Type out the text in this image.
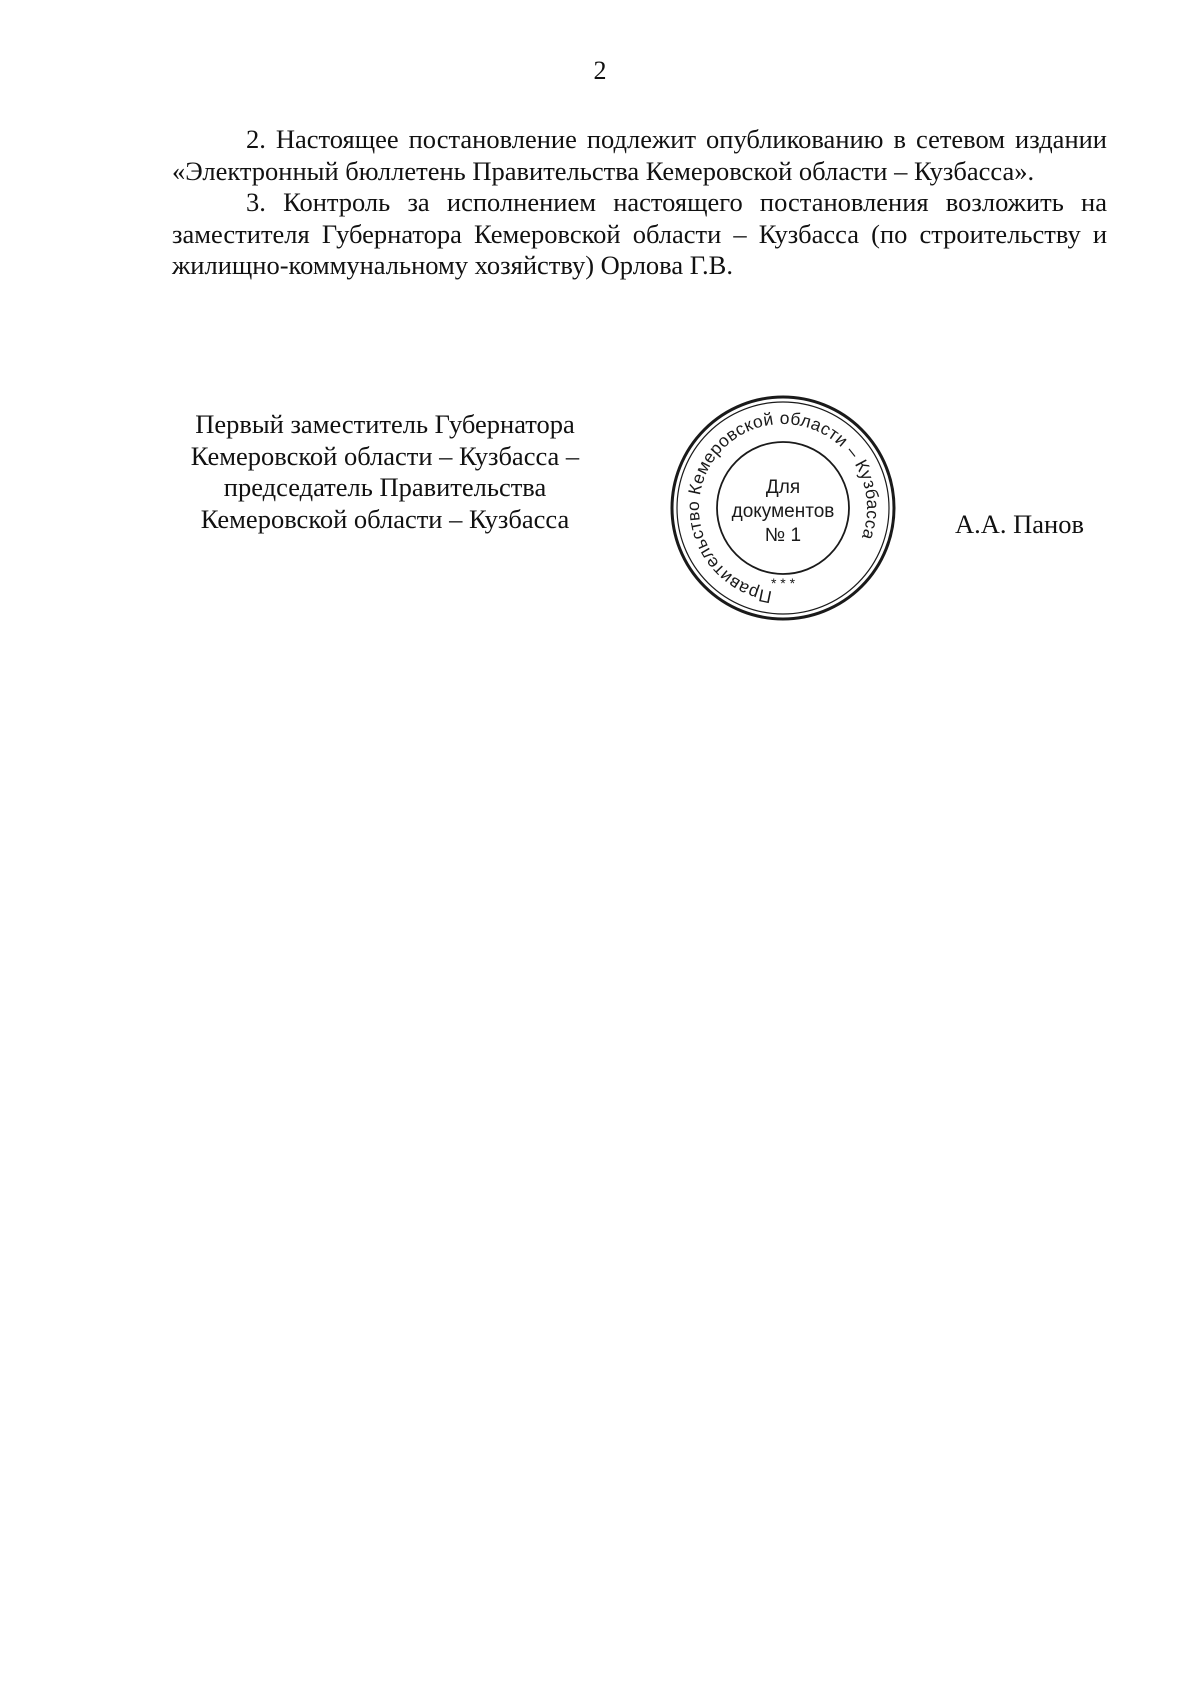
2

2. Настоящее постановление подлежит опубликованию в сетевом издании «Электронный бюллетень Правительства Кемеровской области – Кузбасса».

3. Контроль за исполнением настоящего постановления возложить на заместителя Губернатора Кемеровской области – Кузбасса (по строительству и жилищно-коммунальному хозяйству) Орлова Г.В.

Первый заместитель Губернатора
Кемеровской области – Кузбасса –
председатель Правительства
Кемеровской области – Кузбасса
Правительство Кемеровской области – Кузбасса
* * *
Для
документов
№ 1	А.А. Панов
